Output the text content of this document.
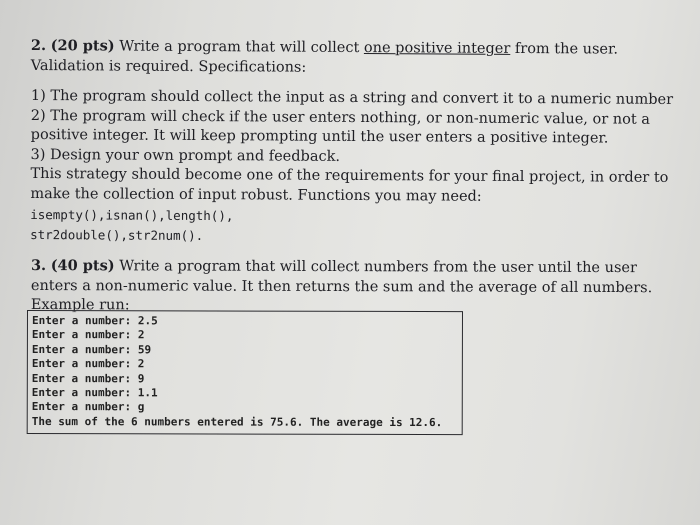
2. (20 pts) Write a program that will collect one positive integer from the user. Validation is required. Specifications:

1) The program should collect the input as a string and convert it to a numeric number

2) The program will check if the user enters nothing, or non-numeric value, or not a positive integer. It will keep prompting until the user enters a positive integer.

3) Design your own prompt and feedback.

This strategy should become one of the requirements for your final project, in order to make the collection of input robust. Functions you may need: isempty(),isnan(),length(),
str2double(),str2num().

3. (40 pts) Write a program that will collect numbers from the user until the user enters a non-numeric value. It then returns the sum and the average of all numbers. Example run:

Enter a number: 2.5
Enter a number: 2
Enter a number: 59
Enter a number: 2
Enter a number: 9
Enter a number: 1.1
Enter a number: g
The sum of the 6 numbers entered is 75.6. The average is 12.6.
